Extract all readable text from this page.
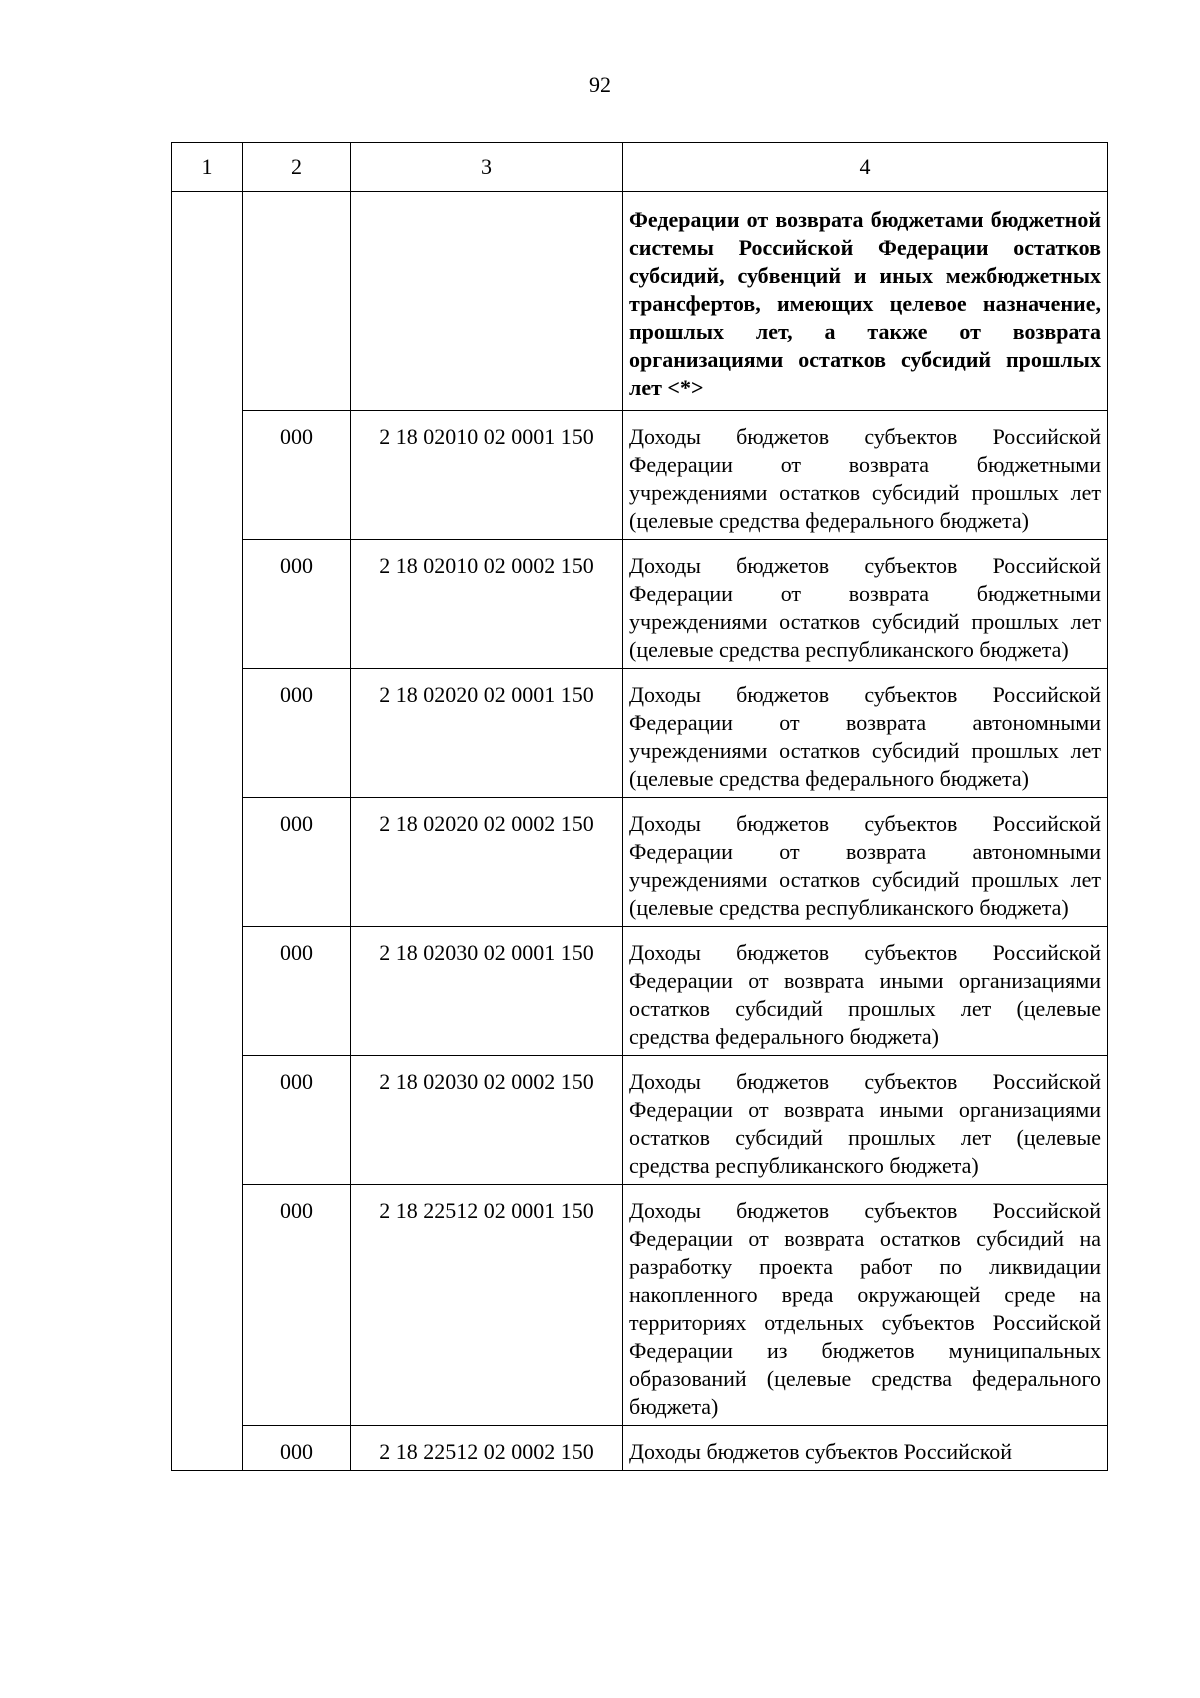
92
1	2	3	4
			Федерации от возврата бюджетами бюджетной системы Российской Федерации остатков субсидий, субвенций и иных межбюджетных трансфертов, имеющих целевое назначение, прошлых лет, а также от возврата организациями остатков субсидий прошлых лет <*>
	000	2 18 02010 02 0001 150	Доходы бюджетов субъектов Российской Федерации от возврата бюджетными учреждениями остатков субсидий прошлых лет (целевые средства федерального бюджета)
	000	2 18 02010 02 0002 150	Доходы бюджетов субъектов Российской Федерации от возврата бюджетными учреждениями остатков субсидий прошлых лет (целевые средства республиканского бюджета)
	000	2 18 02020 02 0001 150	Доходы бюджетов субъектов Российской Федерации от возврата автономными учреждениями остатков субсидий прошлых лет (целевые средства федерального бюджета)
	000	2 18 02020 02 0002 150	Доходы бюджетов субъектов Российской Федерации от возврата автономными учреждениями остатков субсидий прошлых лет (целевые средства республиканского бюджета)
	000	2 18 02030 02 0001 150	Доходы бюджетов субъектов Российской Федерации от возврата иными организациями остатков субсидий прошлых лет (целевые средства федерального бюджета)
	000	2 18 02030 02 0002 150	Доходы бюджетов субъектов Российской Федерации от возврата иными организациями остатков субсидий прошлых лет (целевые средства республиканского бюджета)
	000	2 18 22512 02 0001 150	Доходы бюджетов субъектов Российской Федерации от возврата остатков субсидий на разработку проекта работ по ликвидации накопленного вреда окружающей среде на территориях отдельных субъектов Российской Федерации из бюджетов муниципальных образований (целевые средства федерального бюджета)
	000	2 18 22512 02 0002 150	Доходы бюджетов субъектов Российской
